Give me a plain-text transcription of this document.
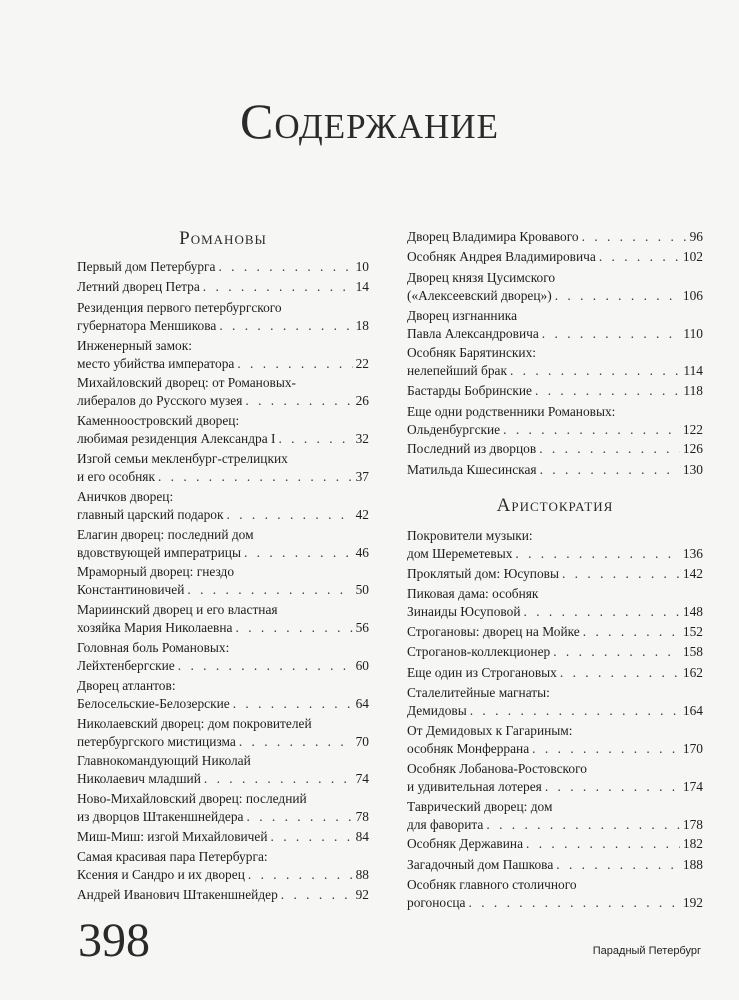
Содержание
Романовы
Первый дом Петербурга . . .	10
Летний дворец Петра . . .	14
Резиденция первого петербургского
губернатора Меншикова . . .	18
Инженерный замок:
место убийства императора . . .	22
Михайловский дворец: от Романовых-
либералов до Русского музея . . .	26
Каменноостровский дворец:
любимая резиденция Александра I . . .	32
Изгой семьи мекленбург-стрелицких
и его особняк . . .	37
Аничков дворец:
главный царский подарок . . .	42
Елагин дворец: последний дом
вдовствующей императрицы . . .	46
Мраморный дворец: гнездо
Константиновичей . . .	50
Мариинский дворец и его властная
хозяйка Мария Николаевна . . .	56
Головная боль Романовых:
Лейхтенбергские . . .	60
Дворец атлантов:
Белосельские-Белозерские . . .	64
Николаевский дворец: дом покровителей
петербургского мистицизма . . .	70
Главнокомандующий Николай
Николаевич младший . . .	74
Ново-Михайловский дворец: последний
из дворцов Штакеншнейдера . . .	78
Миш-Миш: изгой Михайловичей . . .	84
Самая красивая пара Петербурга:
Ксения и Сандро и их дворец . . .	88
Андрей Иванович Штакеншнейдер . . .	92
Дворец Владимира Кровавого . . .	96
Особняк Андрея Владимировича . . .	102
Дворец князя Цусимского
(«Алексеевский дворец») . . .	106
Дворец изгнанника
Павла Александровича . . .	110
Особняк Барятинских:
нелепейший брак . . .	114
Бастарды Бобринские . . .	118
Еще одни родственники Романовых:
Ольденбургские . . .	122
Последний из дворцов . . .	126
Матильда Кшесинская . . .	130
Аристократия
Покровители музыки:
дом Шереметевых . . .	136
Проклятый дом: Юсуповы . . .	142
Пиковая дама: особняк
Зинаиды Юсуповой . . .	148
Строгановы: дворец на Мойке . . .	152
Строганов-коллекционер . . .	158
Еще один из Строгановых . . .	162
Сталелитейные магнаты:
Демидовы . . .	164
От Демидовых к Гагариным:
особняк Монферрана . . .	170
Особняк Лобанова-Ростовского
и удивительная лотерея . . .	174
Таврический дворец: дом
для фаворита . . .	178
Особняк Державина . . .	182
Загадочный дом Пашкова . . .	188
Особняк главного столичного
рогоносца . . .	192
398	Парадный Петербург
